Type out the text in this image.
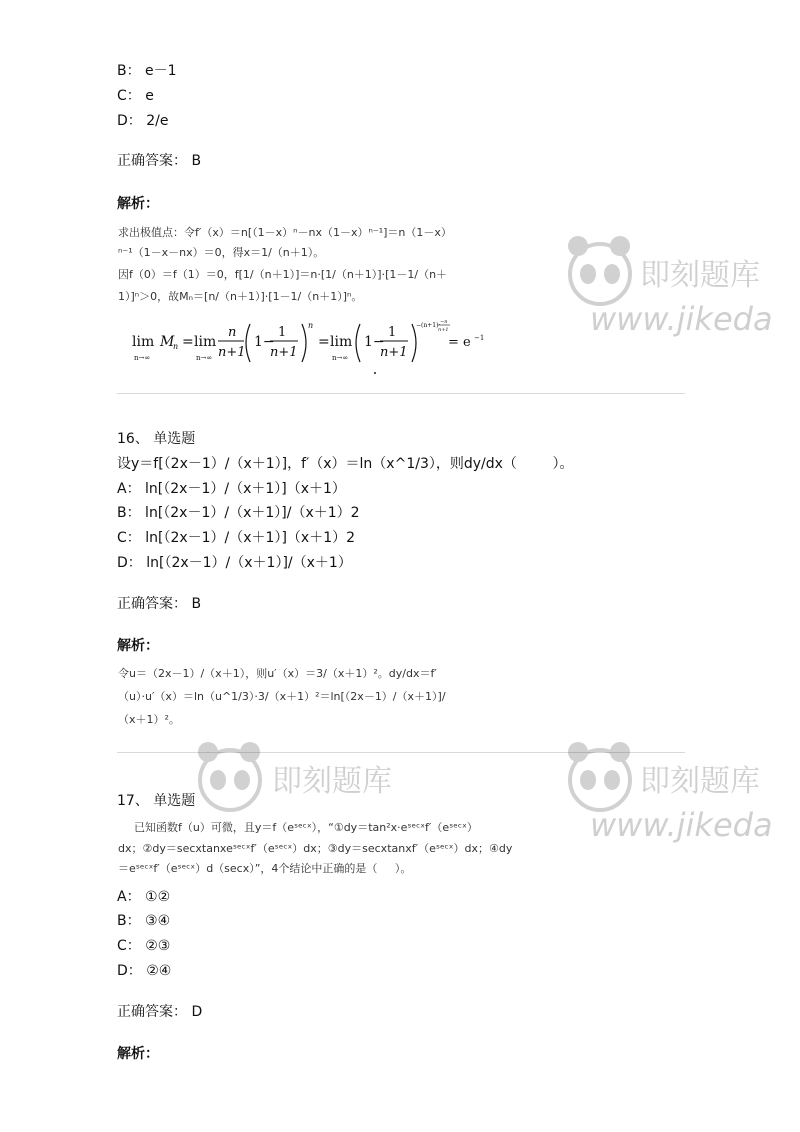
B： e－1
C： e
D： 2/e
正确答案： B
解析：
求出极值点：令f′（x）＝n[（1－x）ⁿ－nx（1－x）ⁿ⁻¹]＝n（1－x）
ⁿ⁻¹（1－x－nx）＝0，得x＝1/（n＋1）。
因f（0）＝f（1）＝0，f[1/（n＋1）]＝n·[1/（n＋1）]·[1－1/（n＋
1）]ⁿ＞0，故Mₙ＝[n/（n＋1）]·[1－1/（n＋1）]ⁿ。
lim
n→∞
M
n = lim
n→∞
n
n+1
1−
1
n+1
n
= lim
n→∞
1−
1
n+1
−(n+1)· −n
n+1
= e −1
16、 单选题
设y＝f[（2x－1）/（x＋1）]，f′（x）＝ln（x^1/3），则dy/dx（        ）。
A： ln[（2x－1）/（x＋1）]（x＋1）
B： ln[（2x－1）/（x＋1）]/（x＋1）2
C： ln[（2x－1）/（x＋1）]（x＋1）2
D： ln[（2x－1）/（x＋1）]/（x＋1）
正确答案： B
解析：
令u＝（2x－1）/（x＋1），则u′（x）＝3/（x＋1）²。dy/dx＝f′
（u）·u′（x）＝ln（u^1/3）·3/（x＋1）²＝ln[（2x－1）/（x＋1）]/
（x＋1）²。
17、 单选题
已知函数f（u）可微，且y＝f（eˢᵉᶜˣ），“①dy＝tan²x·eˢᵉᶜˣf′（eˢᵉᶜˣ）
dx；②dy＝secxtanxeˢᵉᶜˣf′（eˢᵉᶜˣ）dx；③dy＝secxtanxf′（eˢᵉᶜˣ）dx；④dy
＝eˢᵉᶜˣf′（eˢᵉᶜˣ）d（secx）”，4个结论中正确的是（     ）。
A： ①②
B： ③④
C： ②③
D： ②④
正确答案： D
解析：
即刻题库
www.jikeda
即刻题库	即刻题库
www.jikeda
